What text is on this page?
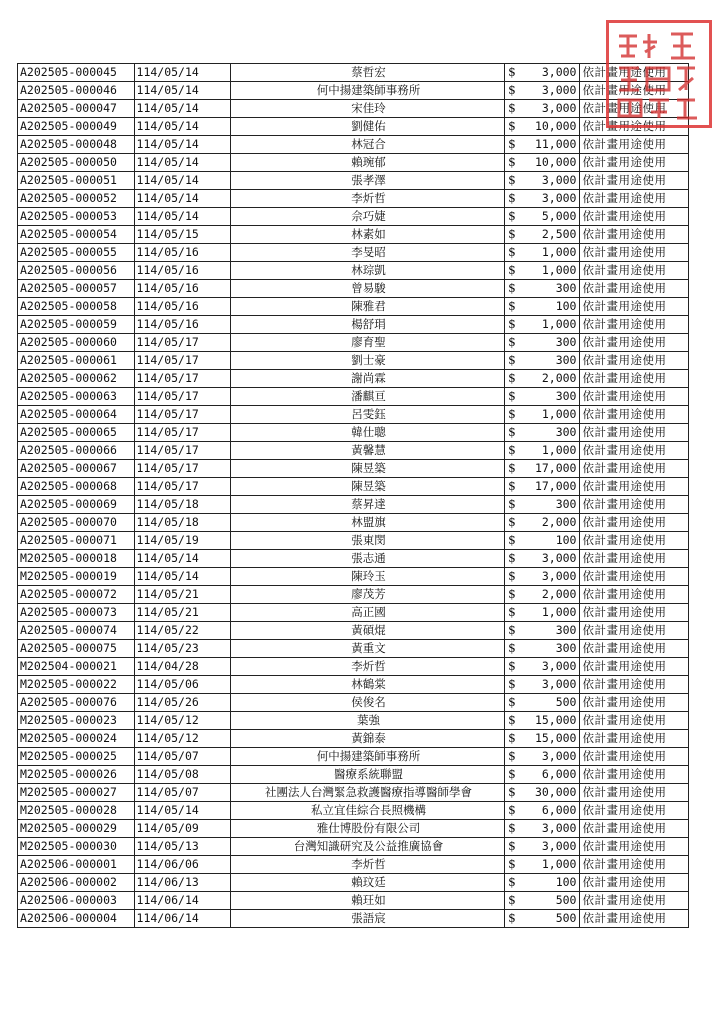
A202505-000045	114/05/14	蔡哲宏	$ 3,000	依計畫用途使用
A202505-000046	114/05/14	何中揚建築師事務所	$ 3,000	依計畫用途使用
A202505-000047	114/05/14	宋佳玲	$ 3,000	依計畫用途使用
A202505-000049	114/05/14	劉健佑	$ 10,000	依計畫用途使用
A202505-000048	114/05/14	林冠合	$ 11,000	依計畫用途使用
A202505-000050	114/05/14	賴琬郁	$ 10,000	依計畫用途使用
A202505-000051	114/05/14	張孝澤	$ 3,000	依計畫用途使用
A202505-000052	114/05/14	李炘哲	$ 3,000	依計畫用途使用
A202505-000053	114/05/14	佘巧婕	$ 5,000	依計畫用途使用
A202505-000054	114/05/15	林素如	$ 2,500	依計畫用途使用
A202505-000055	114/05/16	李旻昭	$ 1,000	依計畫用途使用
A202505-000056	114/05/16	林琮凱	$ 1,000	依計畫用途使用
A202505-000057	114/05/16	曾易駿	$ 300	依計畫用途使用
A202505-000058	114/05/16	陳雅君	$ 100	依計畫用途使用
A202505-000059	114/05/16	楊舒琄	$ 1,000	依計畫用途使用
A202505-000060	114/05/17	廖育聖	$ 300	依計畫用途使用
A202505-000061	114/05/17	劉士豪	$ 300	依計畫用途使用
A202505-000062	114/05/17	謝尚霖	$ 2,000	依計畫用途使用
A202505-000063	114/05/17	潘麒亘	$ 300	依計畫用途使用
A202505-000064	114/05/17	呂雯鈺	$ 1,000	依計畫用途使用
A202505-000065	114/05/17	韓仕聰	$ 300	依計畫用途使用
A202505-000066	114/05/17	黃馨慧	$ 1,000	依計畫用途使用
A202505-000067	114/05/17	陳昱築	$ 17,000	依計畫用途使用
A202505-000068	114/05/17	陳昱築	$ 17,000	依計畫用途使用
A202505-000069	114/05/18	蔡昇達	$ 300	依計畫用途使用
A202505-000070	114/05/18	林盟旗	$ 2,000	依計畫用途使用
A202505-000071	114/05/19	張東閔	$ 100	依計畫用途使用
M202505-000018	114/05/14	張志通	$ 3,000	依計畫用途使用
M202505-000019	114/05/14	陳玲玉	$ 3,000	依計畫用途使用
A202505-000072	114/05/21	廖茂芳	$ 2,000	依計畫用途使用
A202505-000073	114/05/21	高正國	$ 1,000	依計畫用途使用
A202505-000074	114/05/22	黃碩焜	$ 300	依計畫用途使用
A202505-000075	114/05/23	黃重文	$ 300	依計畫用途使用
M202504-000021	114/04/28	李炘哲	$ 3,000	依計畫用途使用
M202505-000022	114/05/06	林鶴棠	$ 3,000	依計畫用途使用
A202505-000076	114/05/26	侯俊名	$ 500	依計畫用途使用
M202505-000023	114/05/12	葉強	$ 15,000	依計畫用途使用
M202505-000024	114/05/12	黃錦泰	$ 15,000	依計畫用途使用
M202505-000025	114/05/07	何中揚建築師事務所	$ 3,000	依計畫用途使用
M202505-000026	114/05/08	醫療系統聯盟	$ 6,000	依計畫用途使用
M202505-000027	114/05/07	社團法人台灣緊急救護醫療指導醫師學會	$ 30,000	依計畫用途使用
M202505-000028	114/05/14	私立宜佳綜合長照機構	$ 6,000	依計畫用途使用
M202505-000029	114/05/09	雅仕博股份有限公司	$ 3,000	依計畫用途使用
M202505-000030	114/05/13	台灣知識研究及公益推廣協會	$ 3,000	依計畫用途使用
A202506-000001	114/06/06	李炘哲	$ 1,000	依計畫用途使用
A202506-000002	114/06/13	賴玟廷	$ 100	依計畫用途使用
A202506-000003	114/06/14	賴玨如	$ 500	依計畫用途使用
A202506-000004	114/06/14	張語宸	$ 500	依計畫用途使用
